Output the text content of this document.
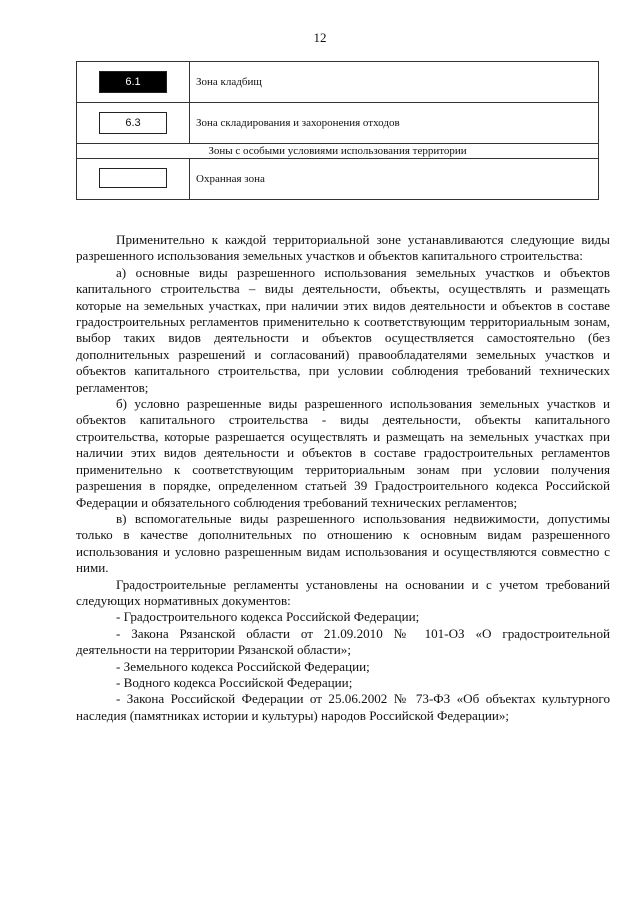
12
6.1	Зона кладбищ
6.3	Зона складирования и захоронения отходов
Зоны с особыми условиями использования территории	
	Охранная зона

Применительно к каждой территориальной зоне устанавливаются следующие виды разрешенного использования земельных участков и объектов капитального строительства:

а) основные виды разрешенного использования земельных участков и объектов капитального строительства – виды деятельности, объекты, осуществлять и размещать которые на земельных участках, при наличии этих видов деятельности и объектов в составе градостроительных регламентов применительно к соответствующим территориальным зонам, выбор таких видов деятельности и объектов осуществляется самостоятельно (без дополнительных разрешений и согласований) правообладателями земельных участков и объектов капитального строительства, при условии соблюдения требований технических регламентов;

б) условно разрешенные виды разрешенного использования земельных участков и объектов капитального строительства - виды деятельности, объекты капитального строительства, которые разрешается осуществлять и размещать на земельных участках при наличии этих видов деятельности и объектов в составе градостроительных регламентов применительно к соответствующим территориальным зонам при условии получения разрешения в порядке, определенном статьей 39 Градостроительного кодекса Российской Федерации и обязательного соблюдения требований технических регламентов;

в) вспомогательные виды разрешенного использования недвижимости, допустимы только в качестве дополнительных по отношению к основным видам разрешенного использования и условно разрешенным видам использования и осуществляются совместно с ними.

Градостроительные регламенты установлены на основании и с учетом требований следующих нормативных документов:

- Градостроительного кодекса Российской Федерации;

- Закона Рязанской области от 21.09.2010 № 101-ОЗ «О градостроительной деятельности на территории Рязанской области»;

- Земельного кодекса Российской Федерации;

- Водного кодекса Российской Федерации;

- Закона Российской Федерации от 25.06.2002 № 73-ФЗ «Об объектах культурного наследия (памятниках истории и культуры) народов Российской Федерации»;
